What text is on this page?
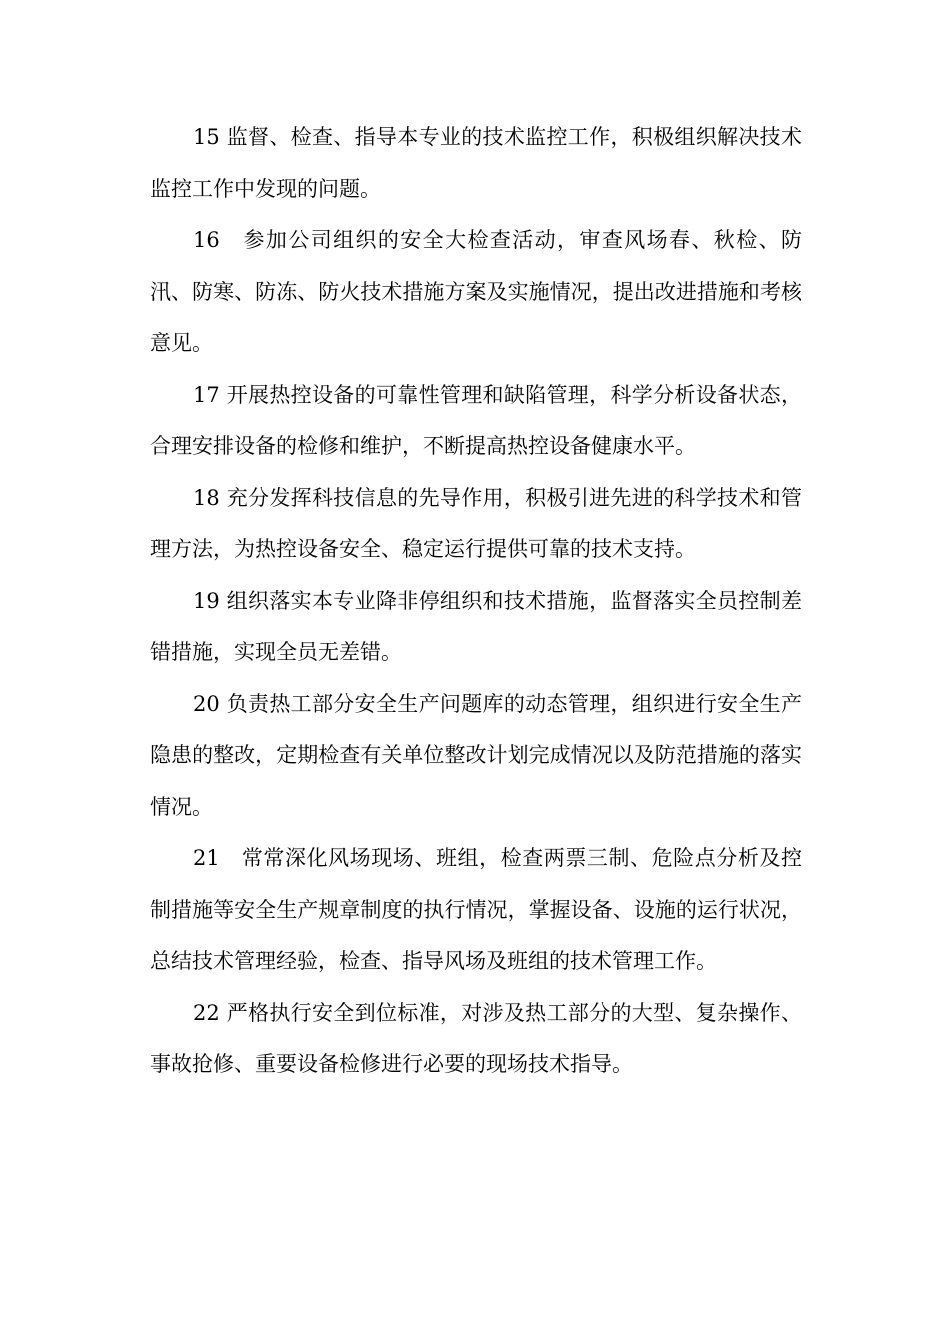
15 监督、检查、指导本专业的技术监控工作，积极组织解决技术监控工作中发现的问题。

16　参加公司组织的安全大检查活动，审查风场春、秋检、防汛、防寒、防冻、防火技术措施方案及实施情况，提出改进措施和考核意见。

17 开展热控设备的可靠性管理和缺陷管理，科学分析设备状态，合理安排设备的检修和维护，不断提高热控设备健康水平。

18 充分发挥科技信息的先导作用，积极引进先进的科学技术和管理方法，为热控设备安全、稳定运行提供可靠的技术支持。

19 组织落实本专业降非停组织和技术措施，监督落实全员控制差错措施，实现全员无差错。

20 负责热工部分安全生产问题库的动态管理，组织进行安全生产隐患的整改，定期检查有关单位整改计划完成情况以及防范措施的落实情况。

21　常常深化风场现场、班组，检查两票三制、危险点分析及控制措施等安全生产规章制度的执行情况，掌握设备、设施的运行状况，总结技术管理经验，检查、指导风场及班组的技术管理工作。

22 严格执行安全到位标准，对涉及热工部分的大型、复杂操作、事故抢修、重要设备检修进行必要的现场技术指导。
